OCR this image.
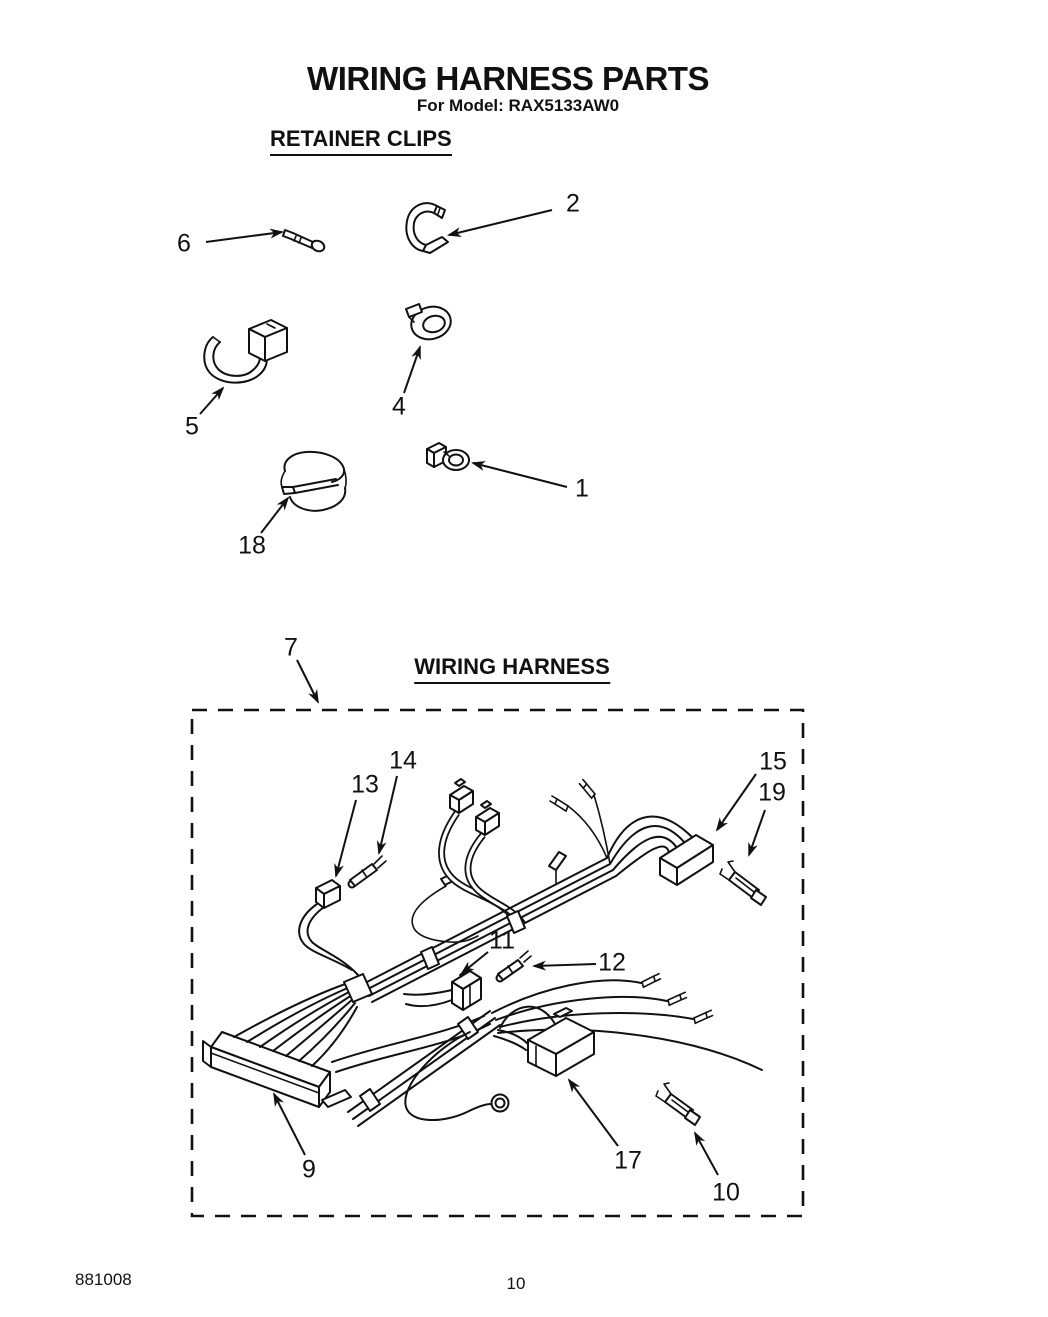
WIRING HARNESS PARTS
For Model: RAX5133AW0
RETAINER CLIPS
WIRING HARNESS
6
2
5
4
18
1
7
13
14	15
19
11
12
9	17
10
881008	10
